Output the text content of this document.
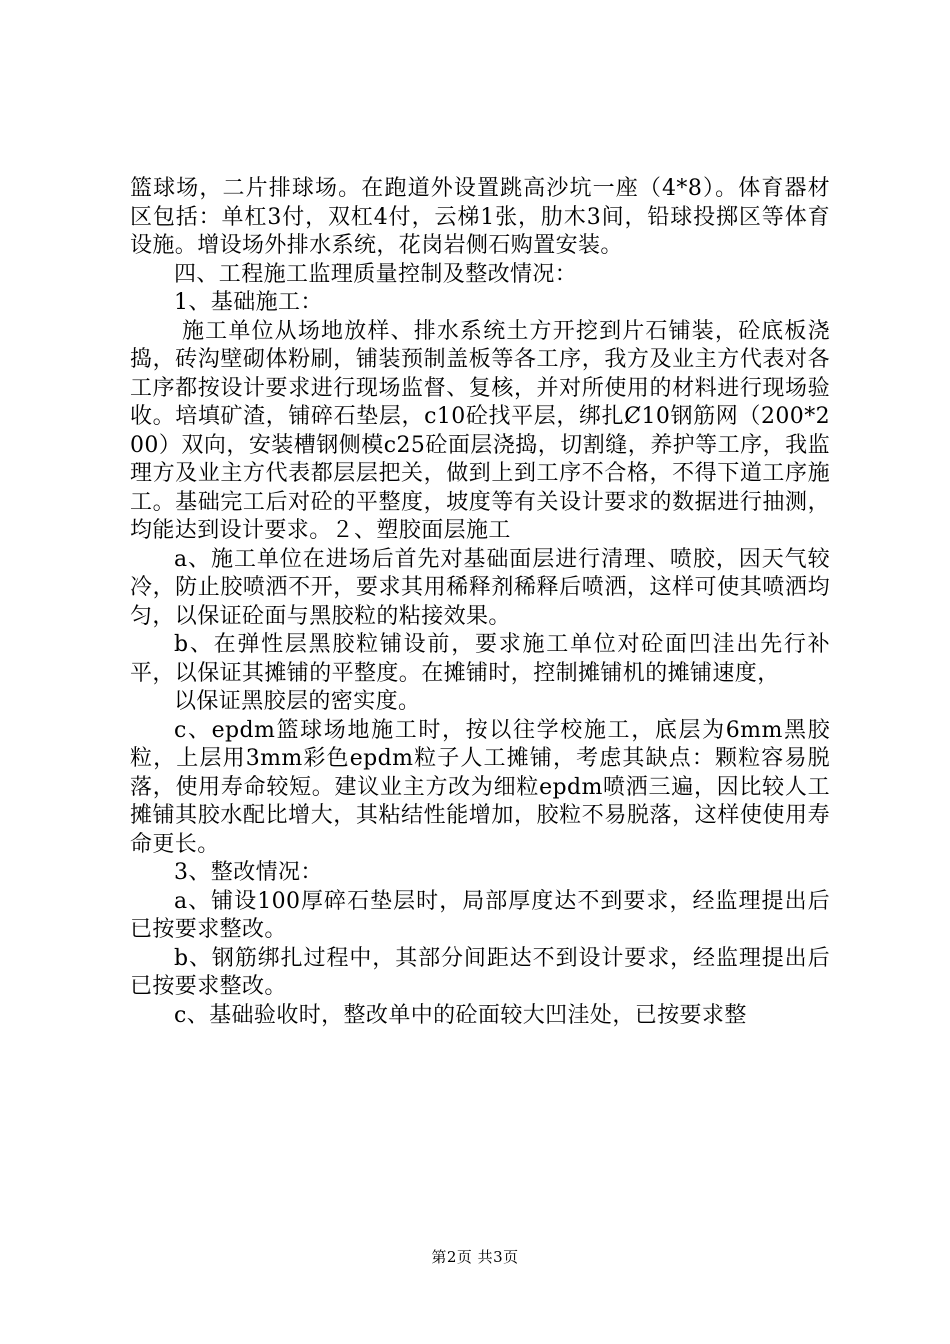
篮球场，二片排球场。在跑道外设置跳高沙坑一座（4*8）。体育器材区包括：单杠3付，双杠4付，云梯1张，肋木3间，铅球投掷区等体育设施。增设场外排水系统，花岗岩侧石购置安装。

四、工程施工监理质量控制及整改情况：

1、基础施工：

施工单位从场地放样、排水系统土方开挖到片石铺装，砼底板浇捣，砖沟壁砌体粉刷，铺装预制盖板等各工序，我方及业主方代表对各工序都按设计要求进行现场监督、复核，并对所使用的材料进行现场验收。培填矿渣，铺碎石垫层，c10砼找平层，绑扎Ȼ10钢筋网（200*200）双向，安装槽钢侧模c25砼面层浇捣，切割缝，养护等工序，我监理方及业主方代表都层层把关，做到上到工序不合格，不得下道工序施工。基础完工后对砼的平整度，坡度等有关设计要求的数据进行抽测，均能达到设计要求。２、塑胶面层施工

a、施工单位在进场后首先对基础面层进行清理、喷胶，因天气较冷，防止胶喷洒不开，要求其用稀释剂稀释后喷洒，这样可使其喷洒均匀，以保证砼面与黑胶粒的粘接效果。

b、在弹性层黑胶粒铺设前，要求施工单位对砼面凹洼出先行补平，以保证其摊铺的平整度。在摊铺时，控制摊铺机的摊铺速度，

以保证黑胶层的密实度。

c、epdm篮球场地施工时，按以往学校施工，底层为6mm黑胶粒，上层用3mm彩色epdm粒子人工摊铺，考虑其缺点：颗粒容易脱落，使用寿命较短。建议业主方改为细粒epdm喷洒三遍，因比较人工摊铺其胶水配比增大，其粘结性能增加，胶粒不易脱落，这样使使用寿命更长。

3、整改情况：

a、铺设100厚碎石垫层时，局部厚度达不到要求，经监理提出后已按要求整改。

b、钢筋绑扎过程中，其部分间距达不到设计要求，经监理提出后已按要求整改。

c、基础验收时，整改单中的砼面较大凹洼处，已按要求整

第2页 共3页
